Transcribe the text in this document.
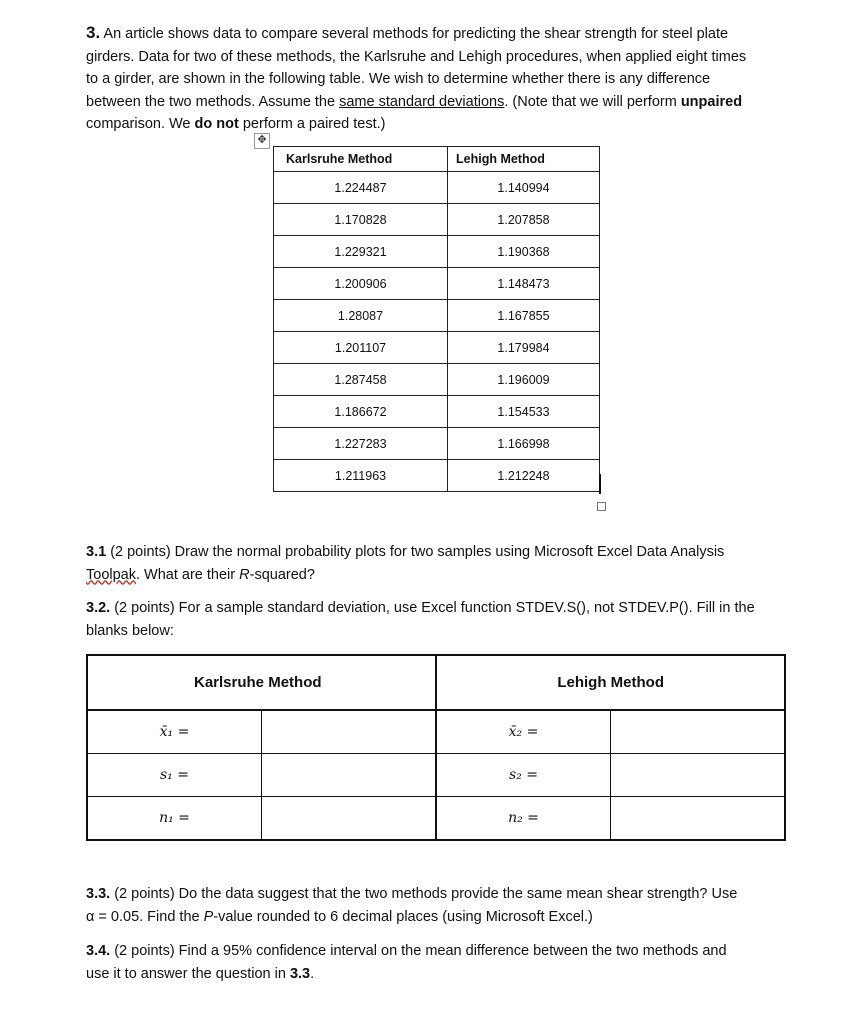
3. An article shows data to compare several methods for predicting the shear strength for steel plate
girders. Data for two of these methods, the Karlsruhe and Lehigh procedures, when applied eight times
to a girder, are shown in the following table. We wish to determine whether there is any difference
between the two methods. Assume the same standard deviations. (Note that we will perform unpaired
comparison. We do not perform a paired test.)

✥
Karlsruhe Method	Lehigh Method
1.224487	1.140994
1.170828	1.207858
1.229321	1.190368
1.200906	1.148473
1.28087	1.167855
1.201107	1.179984
1.287458	1.196009
1.186672	1.154533
1.227283	1.166998
1.211963	1.212248

3.1 (2 points) Draw the normal probability plots for two samples using Microsoft Excel Data Analysis
Toolpak. What are their R-squared?

3.2. (2 points) For a sample standard deviation, use Excel function STDEV.S(), not STDEV.P(). Fill in the
blanks below:

Karlsruhe Method		Lehigh Method	
x̄₁ =		x̄₂ =	
s₁ =		s₂ =	
n₁ =		n₂ =	

3.3. (2 points) Do the data suggest that the two methods provide the same mean shear strength? Use
α = 0.05. Find the P-value rounded to 6 decimal places (using Microsoft Excel.)

3.4. (2 points) Find a 95% confidence interval on the mean difference between the two methods and
use it to answer the question in 3.3.
